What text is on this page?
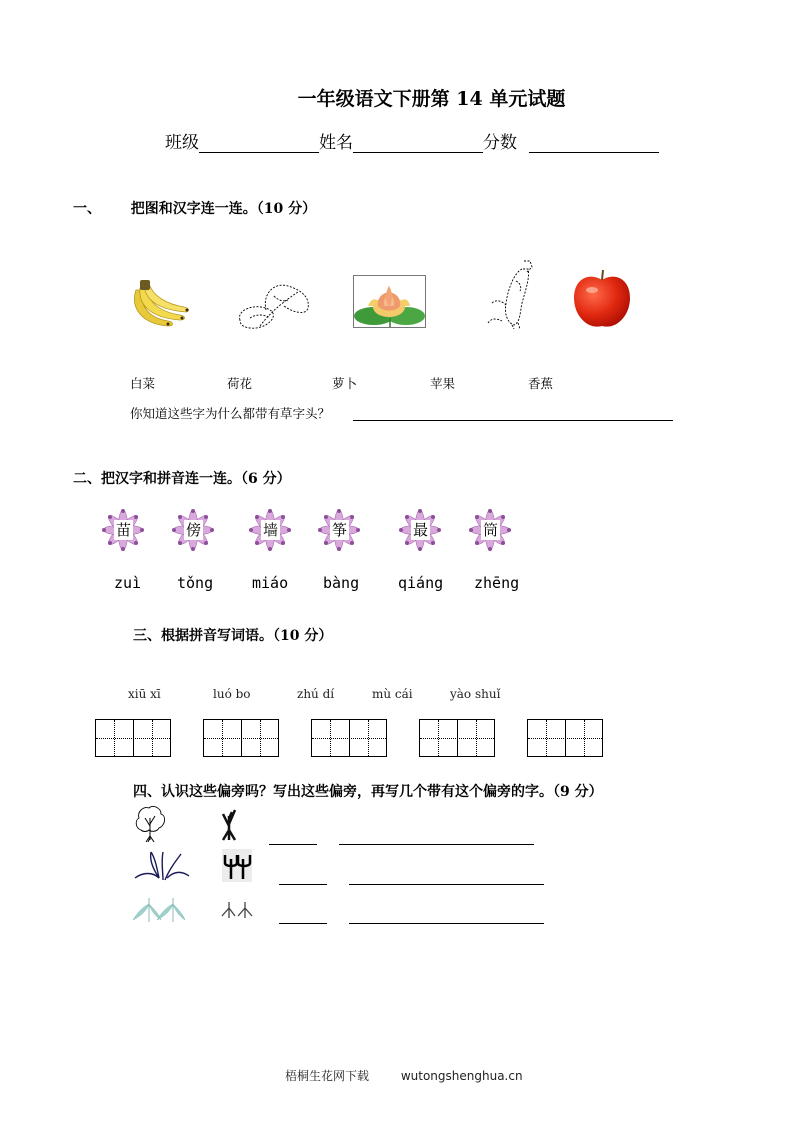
一年级语文下册第 14 单元试题
班级	姓名	分数
一、 把图和汉字连一连。（10 分）
白菜	荷花	萝卜	苹果	香蕉
你知道这些字为什么都带有草字头？
二、把汉字和拼音连一连。（6 分）
苗	傍	墙	筝	最	筒
zuì tǒng	miáo bàng	qiáng zhēng
三、根据拼音写词语。（10 分）
xiū xī	luó bo	zhú dí	mù cái	yào shuǐ
四、认识这些偏旁吗？写出这些偏旁，再写几个带有这个偏旁的字。（9 分）
梧桐生花网下载	wutongshenghua.cn
